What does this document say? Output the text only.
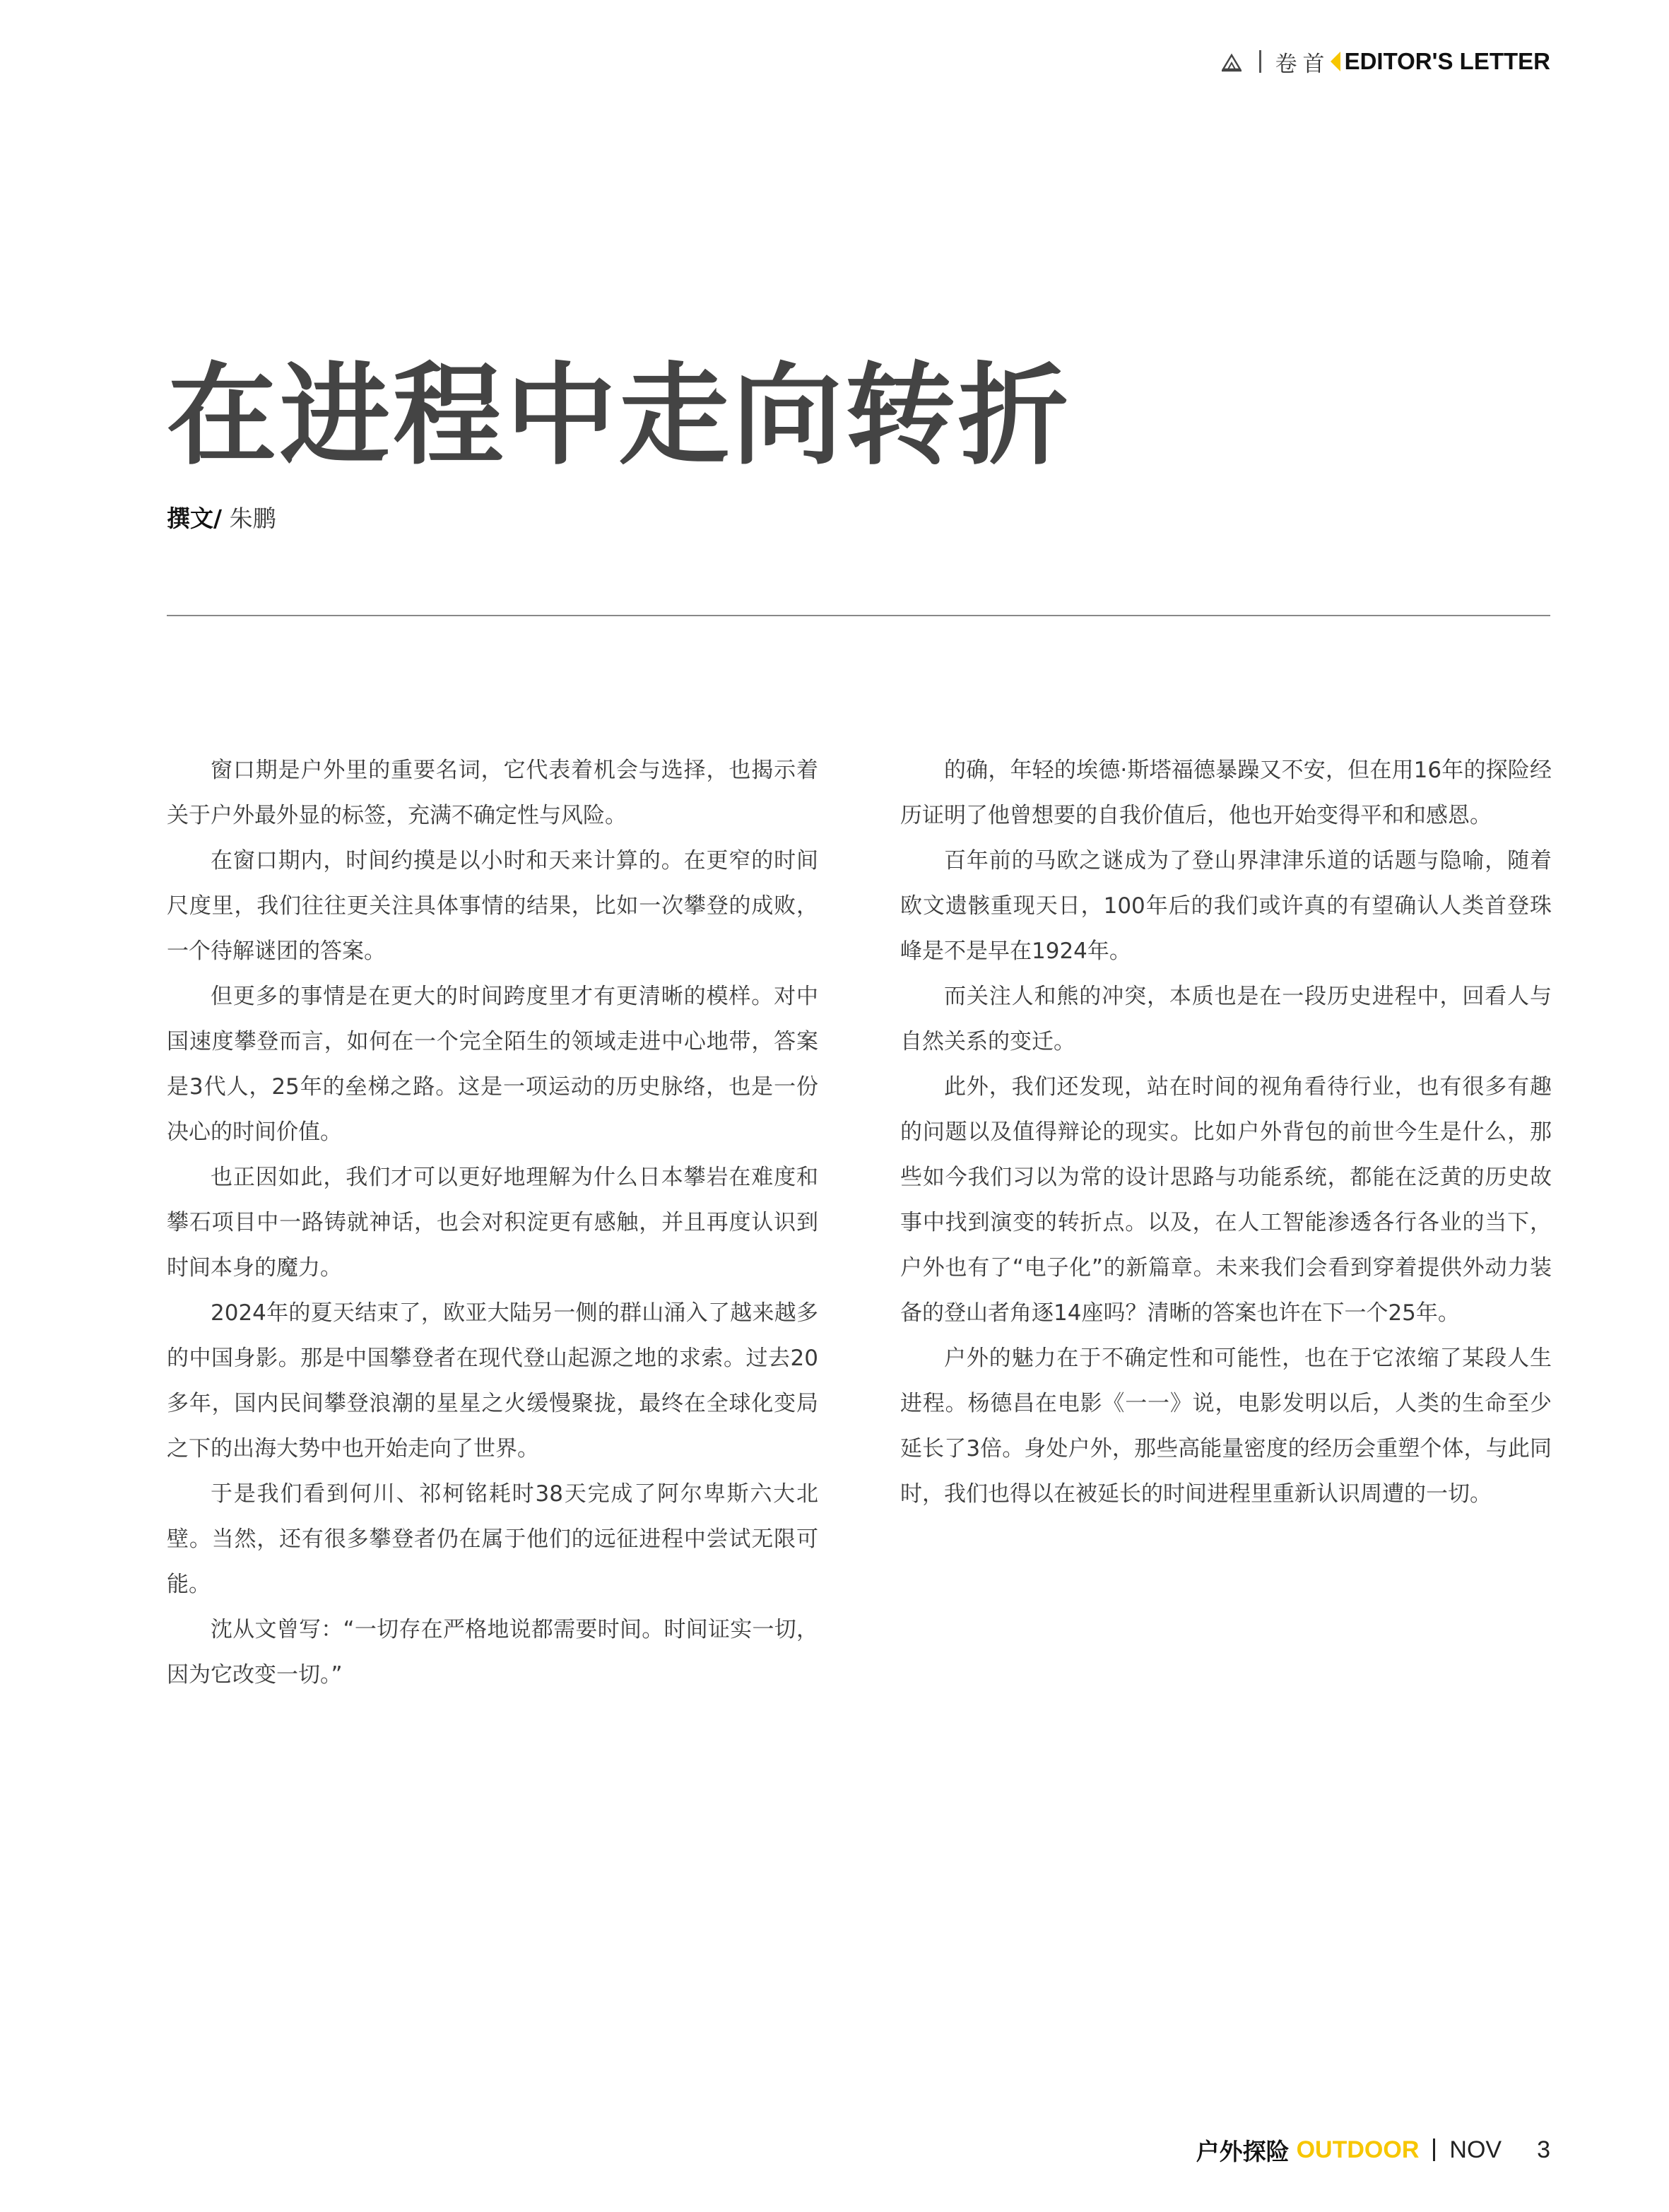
卷首 EDITOR'S LETTER
在进程中走向转折
撰文/ 朱鹏

窗口期是户外里的重要名词，它代表着机会与选择，也揭示着关于户外最外显的标签，充满不确定性与风险。

在窗口期内，时间约摸是以小时和天来计算的。在更窄的时间尺度里，我们往往更关注具体事情的结果，比如一次攀登的成败，一个待解谜团的答案。

但更多的事情是在更大的时间跨度里才有更清晰的模样。对中国速度攀登而言，如何在一个完全陌生的领域走进中心地带，答案是3代人，25年的垒梯之路。这是一项运动的历史脉络，也是一份决心的时间价值。

也正因如此，我们才可以更好地理解为什么日本攀岩在难度和攀石项目中一路铸就神话，也会对积淀更有感触，并且再度认识到时间本身的魔力。

2024年的夏天结束了，欧亚大陆另一侧的群山涌入了越来越多的中国身影。那是中国攀登者在现代登山起源之地的求索。过去20多年，国内民间攀登浪潮的星星之火缓慢聚拢，最终在全球化变局之下的出海大势中也开始走向了世界。

于是我们看到何川、祁柯铭耗时38天完成了阿尔卑斯六大北壁。当然，还有很多攀登者仍在属于他们的远征进程中尝试无限可能。

沈从文曾写：“一切存在严格地说都需要时间。时间证实一切，因为它改变一切。”

的确，年轻的埃德·斯塔福德暴躁又不安，但在用16年的探险经历证明了他曾想要的自我价值后，他也开始变得平和和感恩。

百年前的马欧之谜成为了登山界津津乐道的话题与隐喻，随着欧文遗骸重现天日，100年后的我们或许真的有望确认人类首登珠峰是不是早在1924年。

而关注人和熊的冲突，本质也是在一段历史进程中，回看人与自然关系的变迁。

此外，我们还发现，站在时间的视角看待行业，也有很多有趣的问题以及值得辩论的现实。比如户外背包的前世今生是什么，那些如今我们习以为常的设计思路与功能系统，都能在泛黄的历史故事中找到演变的转折点。以及，在人工智能渗透各行各业的当下，户外也有了“电子化”的新篇章。未来我们会看到穿着提供外动力装备的登山者角逐14座吗？清晰的答案也许在下一个25年。

户外的魅力在于不确定性和可能性，也在于它浓缩了某段人生进程。杨德昌在电影《一一》说，电影发明以后，人类的生命至少延长了3倍。身处户外，那些高能量密度的经历会重塑个体，与此同时，我们也得以在被延长的时间进程里重新认识周遭的一切。

户外探险 OUTDOOR NOV 3
